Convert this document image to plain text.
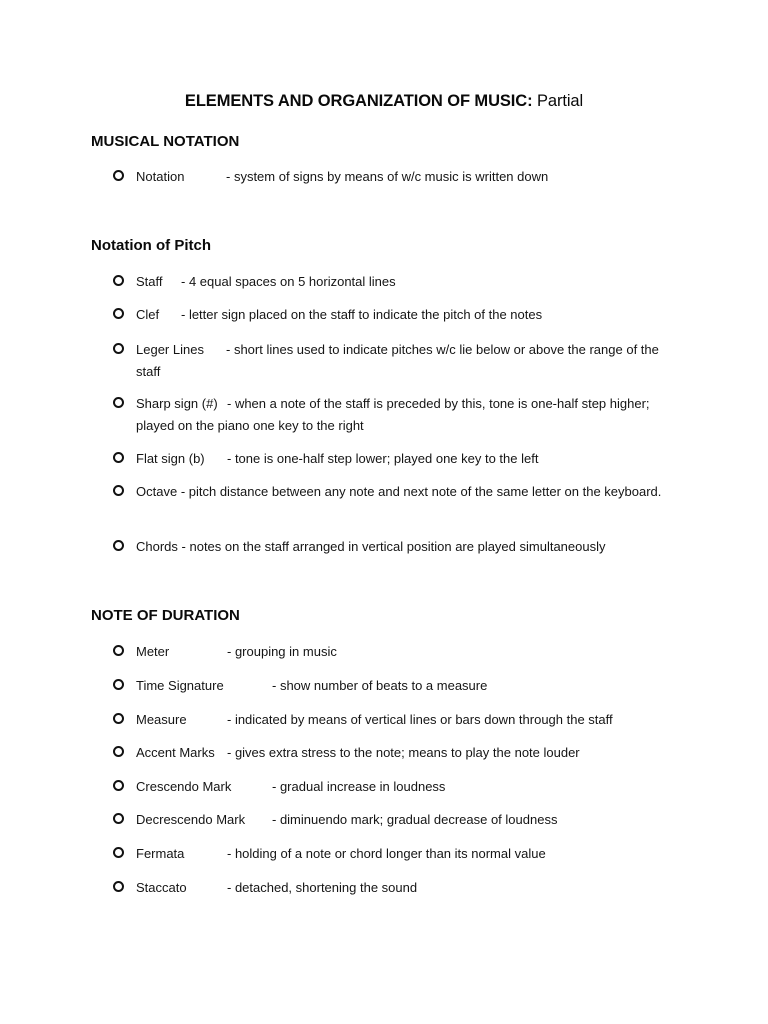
ELEMENTS AND ORGANIZATION OF MUSIC: Partial
MUSICAL NOTATION
Notation	- system of signs by means of w/c music is written down
Notation of Pitch
Staff - 4 equal spaces on 5 horizontal lines
Clef - letter sign placed on the staff to indicate the pitch of the notes
Leger Lines - short lines used to indicate pitches w/c lie below or above the range of the staff
Sharp sign (#) - when a note of the staff is preceded by this, tone is one-half step higher; played on the piano one key to the right
Flat sign (b) - tone is one-half step lower; played one key to the left
Octave - pitch distance between any note and next note of the same letter on the keyboard.
Chords - notes on the staff arranged in vertical position are played simultaneously
NOTE OF DURATION
Meter	- grouping in music
Time Signature	- show number of beats to a measure
Measure	- indicated by means of vertical lines or bars down through the staff
Accent Marks - gives extra stress to the note; means to play the note louder
Crescendo Mark	- gradual increase in loudness
Decrescendo Mark - diminuendo mark; gradual decrease of loudness
Fermata	- holding of a note or chord longer than its normal value
Staccato	- detached, shortening the sound
